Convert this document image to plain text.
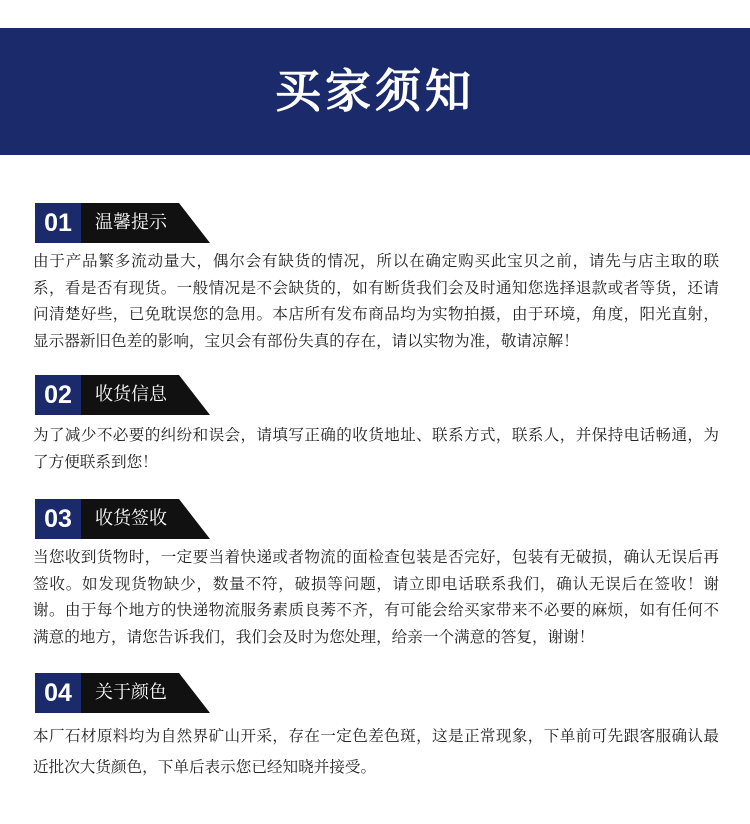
买家须知
01	温馨提示

由于产品繁多流动量大，偶尔会有缺货的情况，所以在确定购买此宝贝之前，请先与店主取的联系，看是否有现货。一般情况是不会缺货的，如有断货我们会及时通知您选择退款或者等货，还请问清楚好些，已免耽误您的急用。本店所有发布商品均为实物拍摄，由于环境，角度，阳光直射，显示器新旧色差的影响，宝贝会有部份失真的存在，请以实物为准，敬请凉解！

02	收货信息

为了减少不必要的纠纷和误会，请填写正确的收货地址、联系方式，联系人，并保持电话畅通，为了方便联系到您！

03	收货签收

当您收到货物时，一定要当着快递或者物流的面检查包装是否完好，包装有无破损，确认无误后再签收。如发现货物缺少，数量不符，破损等问题，请立即电话联系我们，确认无误后在签收！谢谢。由于每个地方的快递物流服务素质良莠不齐，有可能会给买家带来不必要的麻烦，如有任何不满意的地方，请您告诉我们，我们会及时为您处理，给亲一个满意的答复，谢谢！

04	关于颜色

本厂石材原料均为自然界矿山开采，存在一定色差色斑，这是正常现象，下单前可先跟客服确认最近批次大货颜色，下单后表示您已经知晓并接受。
